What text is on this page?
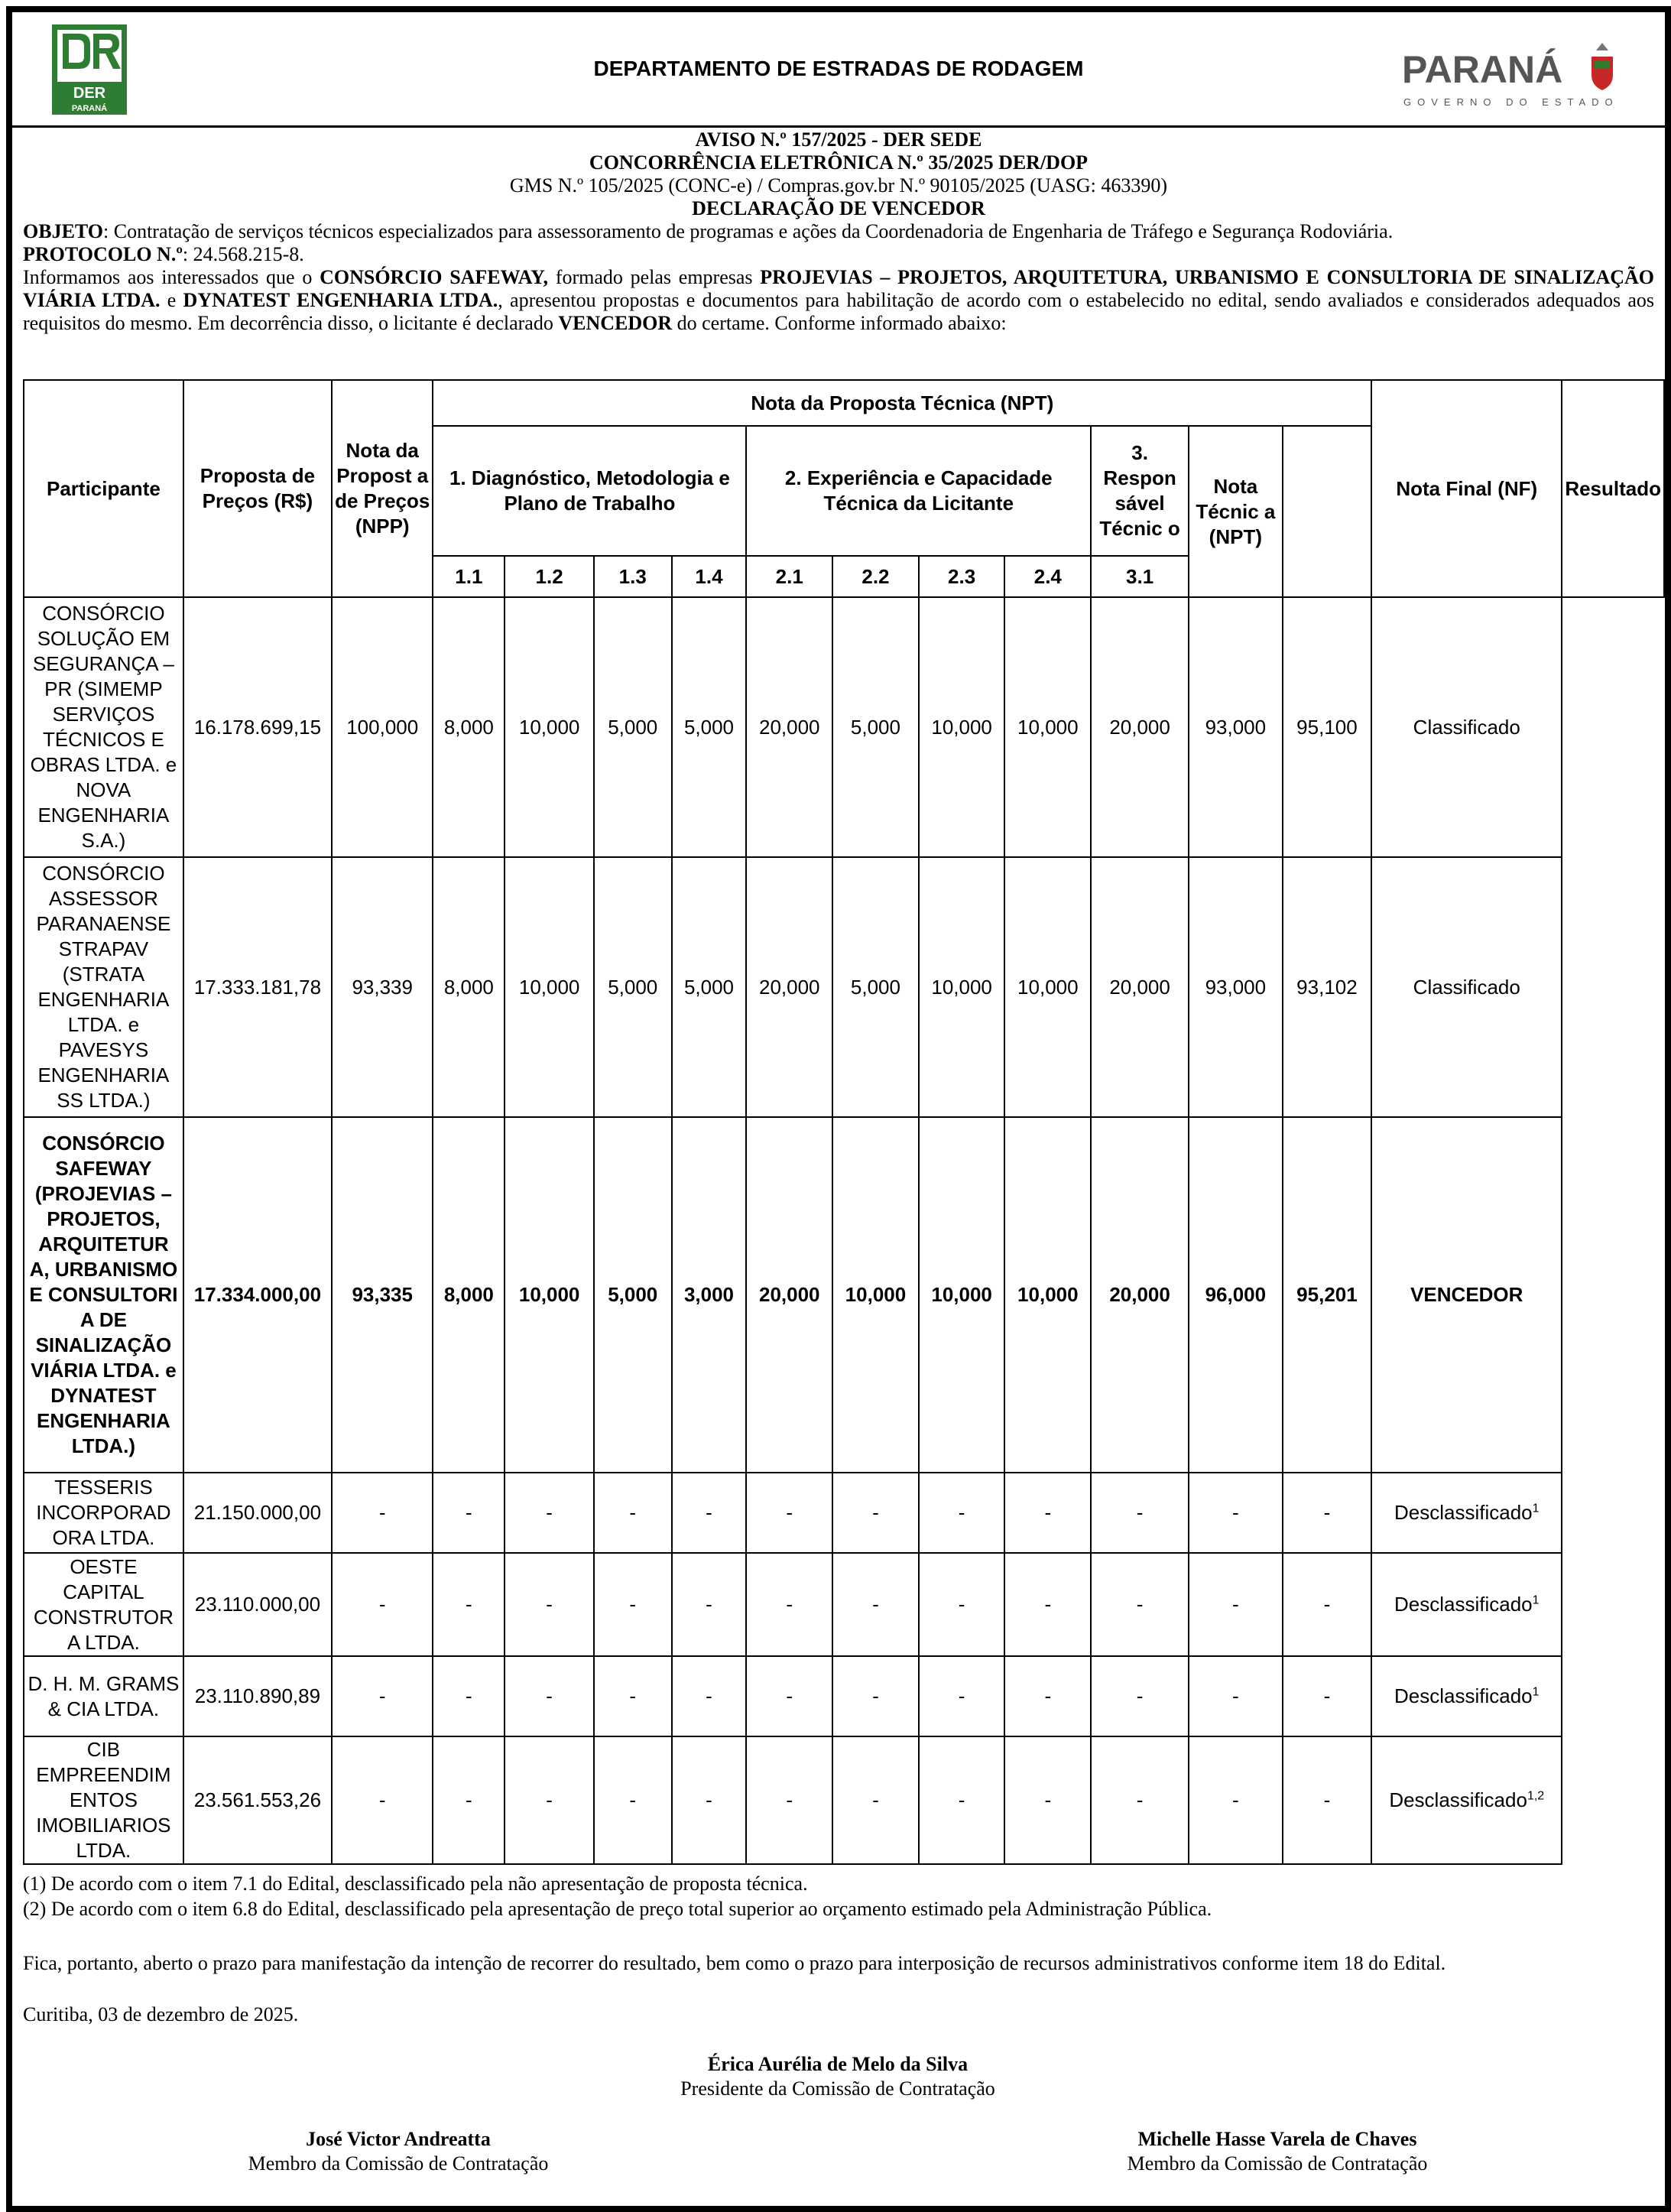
DER
PARANÁ
DEPARTAMENTO DE ESTRADAS DE RODAGEM	PARANÁ
GOVERNO DO ESTADO
AVISO N.º 157/2025 - DER SEDE
CONCORRÊNCIA ELETRÔNICA N.º 35/2025 DER/DOP
GMS N.º 105/2025 (CONC-e) / Compras.gov.br N.º 90105/2025 (UASG: 463390)
DECLARAÇÃO DE VENCEDOR
OBJETO: Contratação de serviços técnicos especializados para assessoramento de programas e ações da Coordenadoria de Engenharia de Tráfego e Segurança Rodoviária.
PROTOCOLO N.º: 24.568.215-8.
Informamos aos interessados que o CONSÓRCIO SAFEWAY, formado pelas empresas PROJEVIAS – PROJETOS, ARQUITETURA, URBANISMO E CONSULTORIA DE SINALIZAÇÃO VIÁRIA LTDA. e DYNATEST ENGENHARIA LTDA., apresentou propostas e documentos para habilitação de acordo com o estabelecido no edital, sendo avaliados e considerados adequados aos requisitos do mesmo. Em decorrência disso, o licitante é declarado VENCEDOR do certame. Conforme informado abaixo:
Participante	Proposta de Preços (R$)	Nota da Propost a de Preços (NPP)	Nota da Proposta Técnica (NPT)											Nota Final (NF)	Resultado
			1. Diagnóstico, Metodologia e Plano de Trabalho				2. Experiência e Capacidade Técnica da Licitante				3. Respon sável Técnic o	Nota Técnic a (NPT)			
			1.1	1.2	1.3	1.4	2.1	2.2	2.3	2.4	3.1				
CONSÓRCIO SOLUÇÃO EM SEGURANÇA – PR (SIMEMP SERVIÇOS TÉCNICOS E OBRAS LTDA. e NOVA ENGENHARIA S.A.)	16.178.699,15	100,000	8,000	10,000	5,000	5,000	20,000	5,000	10,000	10,000	20,000	93,000	95,100	Classificado	
CONSÓRCIO ASSESSOR PARANAENSE STRAPAV (STRATA ENGENHARIA LTDA. e PAVESYS ENGENHARIA SS LTDA.)	17.333.181,78	93,339	8,000	10,000	5,000	5,000	20,000	5,000	10,000	10,000	20,000	93,000	93,102	Classificado	
CONSÓRCIO SAFEWAY (PROJEVIAS – PROJETOS, ARQUITETUR A, URBANISMO E CONSULTORI A DE SINALIZAÇÃO VIÁRIA LTDA. e DYNATEST ENGENHARIA LTDA.)	17.334.000,00	93,335	8,000	10,000	5,000	3,000	20,000	10,000	10,000	10,000	20,000	96,000	95,201	VENCEDOR	
TESSERIS INCORPORAD ORA LTDA.	21.150.000,00	-	-	-	-	-	-	-	-	-	-	-	-	Desclassificado$^1$
OESTE CAPITAL CONSTRUTOR A LTDA.	23.110.000,00	-	-	-	-	-	-	-	-	-	-	-	-	Desclassificado$^1$
D. H. M. GRAMS & CIA LTDA.	23.110.890,89	-	-	-	-	-	-	-	-	-	-	-	-	Desclassificado$^1$
CIB EMPREENDIM ENTOS IMOBILIARIOS LTDA.	23.561.553,26	-	-	-	-	-	-	-	-	-	-	-	-	Desclassificado$^{1,2}$
(1) De acordo com o item 7.1 do Edital, desclassificado pela não apresentação de proposta técnica.
(2) De acordo com o item 6.8 do Edital, desclassificado pela apresentação de preço total superior ao orçamento estimado pela Administração Pública.
Fica, portanto, aberto o prazo para manifestação da intenção de recorrer do resultado, bem como o prazo para interposição de recursos administrativos conforme item 18 do Edital.
Curitiba, 03 de dezembro de 2025.
Érica Aurélia de Melo da Silva
Presidente da Comissão de Contratação
José Victor Andreatta
Membro da Comissão de Contratação
Michelle Hasse Varela de Chaves
Membro da Comissão de Contratação
